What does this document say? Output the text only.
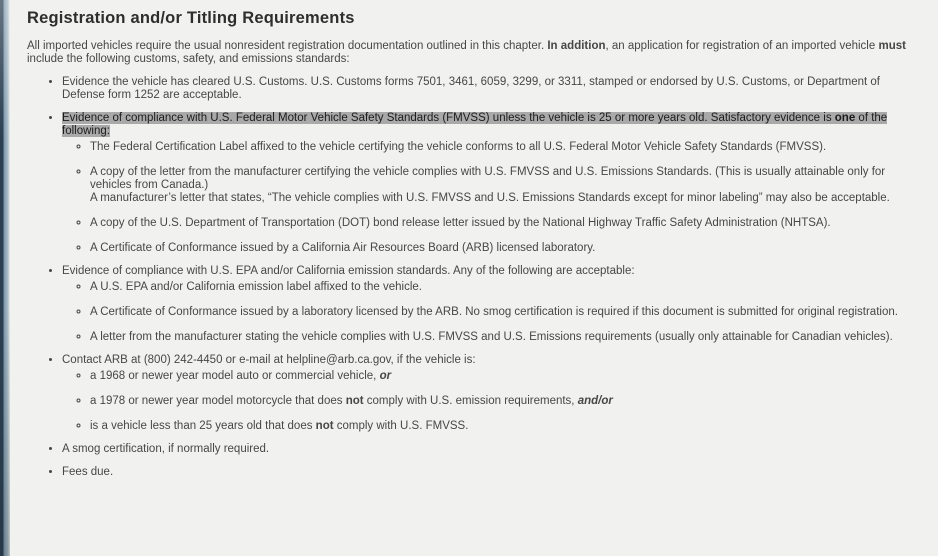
Registration and/or Titling Requirements

All imported vehicles require the usual nonresident registration documentation outlined in this chapter. In addition, an application for registration of an imported vehicle must include the following customs, safety, and emissions standards:

• Evidence the vehicle has cleared U.S. Customs. U.S. Customs forms 7501, 3461, 6059, 3299, or 3311, stamped or endorsed by U.S. Customs, or Department of Defense form 1252 are acceptable.
• Evidence of compliance with U.S. Federal Motor Vehicle Safety Standards (FMVSS) unless the vehicle is 25 or more years old. Satisfactory evidence is one of the following:
◦ The Federal Certification Label affixed to the vehicle certifying the vehicle conforms to all U.S. Federal Motor Vehicle Safety Standards (FMVSS).
◦ A copy of the letter from the manufacturer certifying the vehicle complies with U.S. FMVSS and U.S. Emissions Standards. (This is usually attainable only for vehicles from Canada.)
A manufacturer’s letter that states, “The vehicle complies with U.S. FMVSS and U.S. Emissions Standards except for minor labeling” may also be acceptable.
◦ A copy of the U.S. Department of Transportation (DOT) bond release letter issued by the National Highway Traffic Safety Administration (NHTSA).
◦ A Certificate of Conformance issued by a California Air Resources Board (ARB) licensed laboratory.
• Evidence of compliance with U.S. EPA and/or California emission standards. Any of the following are acceptable:
◦ A U.S. EPA and/or California emission label affixed to the vehicle.
◦ A Certificate of Conformance issued by a laboratory licensed by the ARB. No smog certification is required if this document is submitted for original registration.
◦ A letter from the manufacturer stating the vehicle complies with U.S. FMVSS and U.S. Emissions requirements (usually only attainable for Canadian vehicles).
• Contact ARB at (800) 242-4450 or e-mail at helpline@arb.ca.gov, if the vehicle is:
◦ a 1968 or newer year model auto or commercial vehicle, or
◦ a 1978 or newer year model motorcycle that does not comply with U.S. emission requirements, and/or
◦ is a vehicle less than 25 years old that does not comply with U.S. FMVSS.
• A smog certification, if normally required.
• Fees due.
